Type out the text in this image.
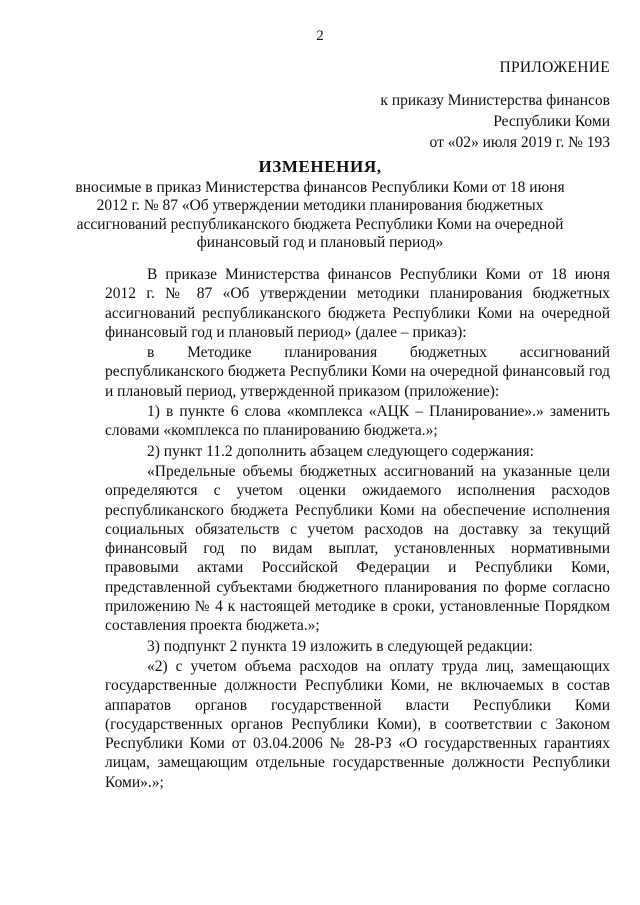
2
ПРИЛОЖЕНИЕ
к приказу Министерства финансов
Республики Коми
от «02» июля 2019 г. № 193
ИЗМЕНЕНИЯ,
вносимые в приказ Министерства финансов Республики Коми от 18 июня 2012 г. № 87 «Об утверждении методики планирования бюджетных ассигнований республиканского бюджета Республики Коми на очередной финансовый год и плановый период»

В приказе Министерства финансов Республики Коми от 18 июня 2012 г. № 87 «Об утверждении методики планирования бюджетных ассигнований республиканского бюджета Республики Коми на очередной финансовый год и плановый период» (далее – приказ):

в Методике планирования бюджетных ассигнований республиканского бюджета Республики Коми на очередной финансовый год и плановый период, утвержденной приказом (приложение):

1) в пункте 6 слова «комплекса «АЦК – Планирование».» заменить словами «комплекса по планированию бюджета.»;

2) пункт 11.2 дополнить абзацем следующего содержания:

«Предельные объемы бюджетных ассигнований на указанные цели определяются с учетом оценки ожидаемого исполнения расходов республиканского бюджета Республики Коми на обеспечение исполнения социальных обязательств с учетом расходов на доставку за текущий финансовый год по видам выплат, установленных нормативными правовыми актами Российской Федерации и Республики Коми, представленной субъектами бюджетного планирования по форме согласно приложению № 4 к настоящей методике в сроки, установленные Порядком составления проекта бюджета.»;

3) подпункт 2 пункта 19 изложить в следующей редакции:

«2) с учетом объема расходов на оплату труда лиц, замещающих государственные должности Республики Коми, не включаемых в состав аппаратов органов государственной власти Республики Коми (государственных органов Республики Коми), в соответствии с Законом Республики Коми от 03.04.2006 № 28-РЗ «О государственных гарантиях лицам, замещающим отдельные государственные должности Республики Коми».»;
